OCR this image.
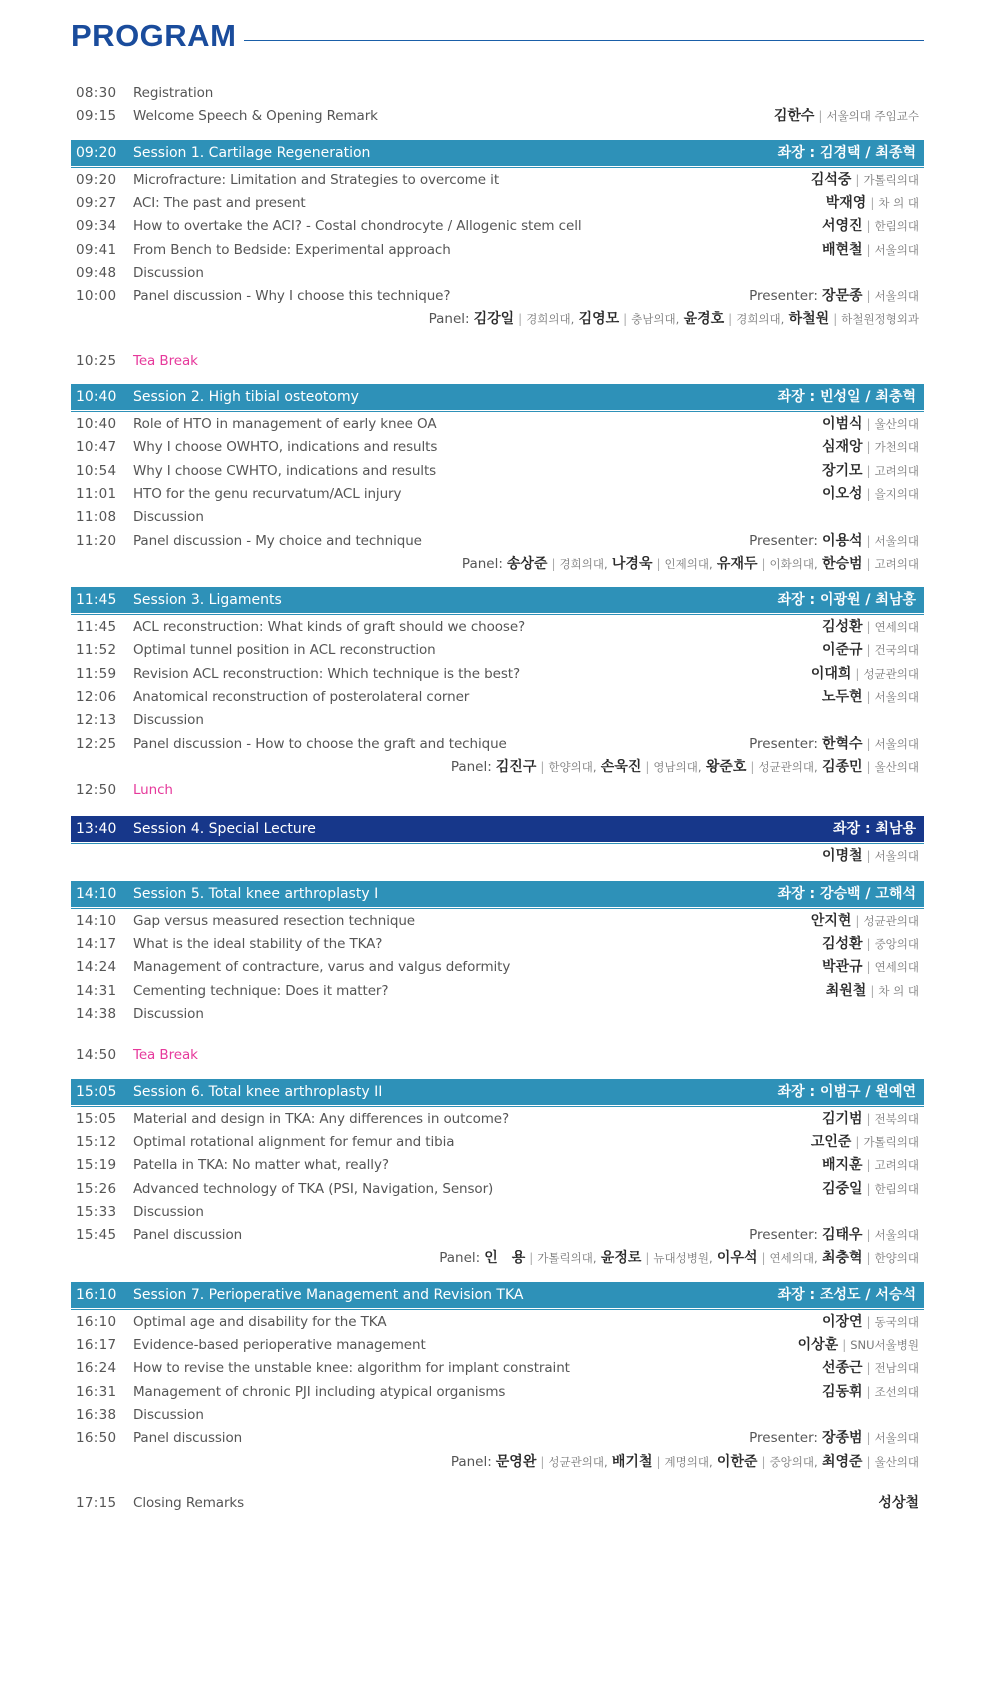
PROGRAM
08:30 Registration
09:15 Welcome Speech & Opening Remark	김한수 | 서울의대 주임교수
09:20 Session 1. Cartilage Regeneration	좌장 : 김경택 / 최종혁
09:20 Microfracture: Limitation and Strategies to overcome it	김석중 | 가톨릭의대
09:27 ACI: The past and present	박재영 | 차 의 대
09:34 How to overtake the ACI? - Costal chondrocyte / Allogenic stem cell	서영진 | 한림의대
09:41 From Bench to Bedside: Experimental approach	배현철 | 서울의대
09:48 Discussion
10:00 Panel discussion - Why I choose this technique?	Presenter: 장문종 | 서울의대
Panel: 김강일 | 경희의대, 김영모 | 충남의대, 윤경호 | 경희의대, 하철원 | 하철원정형외과
10:25 Tea Break
10:40 Session 2. High tibial osteotomy	좌장 : 빈성일 / 최충혁
10:40 Role of HTO in management of early knee OA	이범식 | 울산의대
10:47 Why I choose OWHTO, indications and results	심재앙 | 가천의대
10:54 Why I choose CWHTO, indications and results	장기모 | 고려의대
11:01 HTO for the genu recurvatum/ACL injury	이오성 | 을지의대
11:08 Discussion
11:20 Panel discussion - My choice and technique	Presenter: 이용석 | 서울의대
Panel: 송상준 | 경희의대, 나경욱 | 인제의대, 유재두 | 이화의대, 한승범 | 고려의대
11:45 Session 3. Ligaments	좌장 : 이광원 / 최남홍
11:45 ACL reconstruction: What kinds of graft should we choose?	김성환 | 연세의대
11:52 Optimal tunnel position in ACL reconstruction	이준규 | 건국의대
11:59 Revision ACL reconstruction: Which technique is the best?	이대희 | 성균관의대
12:06 Anatomical reconstruction of posterolateral corner	노두현 | 서울의대
12:13 Discussion
12:25 Panel discussion - How to choose the graft and techique	Presenter: 한혁수 | 서울의대
Panel: 김진구 | 한양의대, 손욱진 | 영남의대, 왕준호 | 성균관의대, 김종민 | 울산의대
12:50 Lunch
13:40 Session 4. Special Lecture	좌장 : 최남용
이명철 | 서울의대
14:10 Session 5. Total knee arthroplasty I	좌장 : 강승백 / 고해석
14:10 Gap versus measured resection technique	안지현 | 성균관의대
14:17 What is the ideal stability of the TKA?	김성환 | 중앙의대
14:24 Management of contracture, varus and valgus deformity	박관규 | 연세의대
14:31 Cementing technique: Does it matter?	최원철 | 차 의 대
14:38 Discussion
14:50 Tea Break
15:05 Session 6. Total knee arthroplasty II	좌장 : 이범구 / 원예연
15:05 Material and design in TKA: Any differences in outcome?	김기범 | 전북의대
15:12 Optimal rotational alignment for femur and tibia	고인준 | 가톨릭의대
15:19 Patella in TKA: No matter what, really?	배지훈 | 고려의대
15:26 Advanced technology of TKA (PSI, Navigation, Sensor)	김중일 | 한림의대
15:33 Discussion
15:45 Panel discussion	Presenter: 김태우 | 서울의대
Panel: 인　용 | 가톨릭의대, 윤정로 | 뉴대성병원, 이우석 | 연세의대, 최충혁 | 한양의대
16:10 Session 7. Perioperative Management and Revision TKA	좌장 : 조성도 / 서승석
16:10 Optimal age and disability for the TKA	이장연 | 동국의대
16:17 Evidence-based perioperative management	이상훈 | SNU서울병원
16:24 How to revise the unstable knee: algorithm for implant constraint	선종근 | 전남의대
16:31 Management of chronic PJI including atypical organisms	김동휘 | 조선의대
16:38 Discussion
16:50 Panel discussion	Presenter: 장종범 | 서울의대
Panel: 문영완 | 성균관의대, 배기철 | 계명의대, 이한준 | 중앙의대, 최영준 | 울산의대
17:15 Closing Remarks	성상철
